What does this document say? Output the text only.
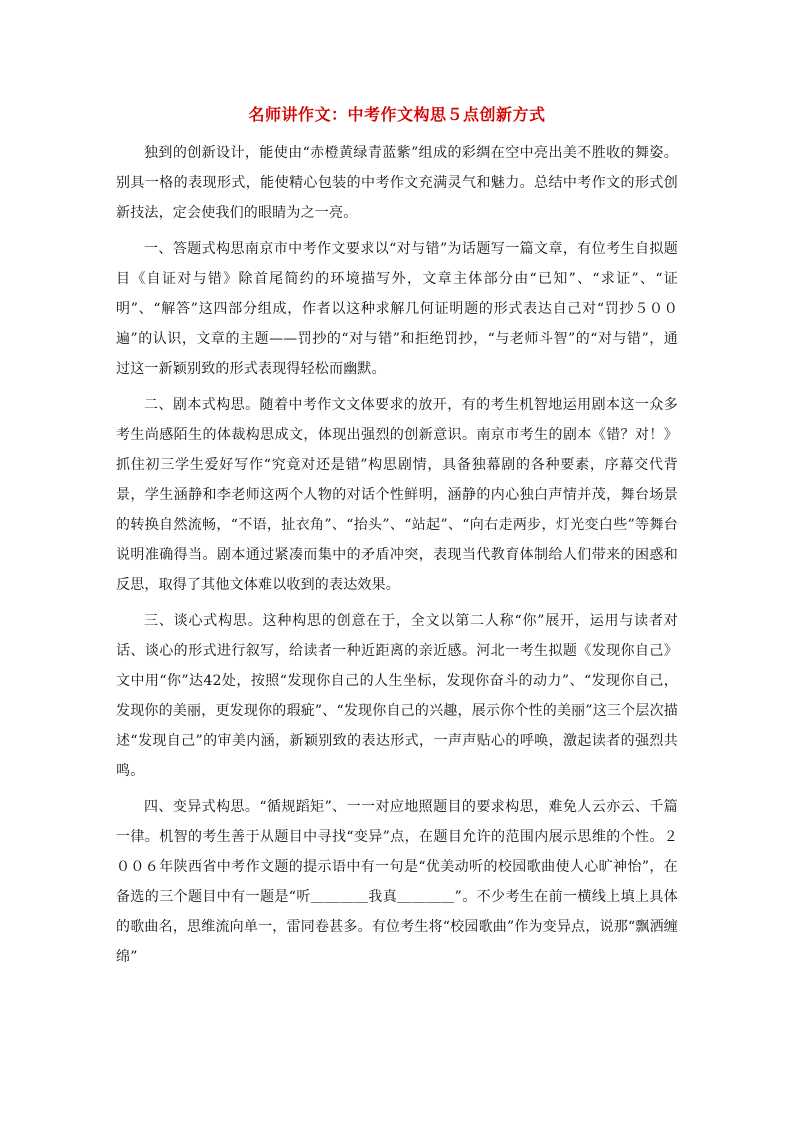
名师讲作文：中考作文构思５点创新方式

独到的创新设计，能使由“赤橙黄绿青蓝紫”组成的彩绸在空中亮出美不胜收的舞姿。别具一格的表现形式，能使精心包装的中考作文充满灵气和魅力。总结中考作文的形式创新技法，定会使我们的眼睛为之一亮。

一、答题式构思南京市中考作文要求以“对与错”为话题写一篇文章，有位考生自拟题目《自证对与错》除首尾简约的环境描写外，文章主体部分由“已知”、“求证”、“证明”、“解答”这四部分组成，作者以这种求解几何证明题的形式表达自己对“罚抄５００遍”的认识，文章的主题——罚抄的“对与错”和拒绝罚抄，“与老师斗智”的“对与错”，通过这一新颖别致的形式表现得轻松而幽默。

二、剧本式构思。随着中考作文文体要求的放开，有的考生机智地运用剧本这一众多考生尚感陌生的体裁构思成文，体现出强烈的创新意识。南京市考生的剧本《错？对！》抓住初三学生爱好写作“究竟对还是错”构思剧情，具备独幕剧的各种要素，序幕交代背景，学生涵静和李老师这两个人物的对话个性鲜明，涵静的内心独白声情并茂，舞台场景的转换自然流畅，“不语，扯衣角”、“抬头”、“站起”、“向右走两步，灯光变白些”等舞台说明准确得当。剧本通过紧凑而集中的矛盾冲突，表现当代教育体制给人们带来的困惑和反思，取得了其他文体难以收到的表达效果。

三、谈心式构思。这种构思的创意在于，全文以第二人称“你”展开，运用与读者对话、谈心的形式进行叙写，给读者一种近距离的亲近感。河北一考生拟题《发现你自己》文中用“你”达42处，按照“发现你自己的人生坐标，发现你奋斗的动力”、“发现你自己，发现你的美丽，更发现你的瑕疵”、“发现你自己的兴趣，展示你个性的美丽”这三个层次描述“发现自己”的审美内涵，新颖别致的表达形式，一声声贴心的呼唤，激起读者的强烈共鸣。

四、变异式构思。“循规蹈矩”、一一对应地照题目的要求构思，难免人云亦云、千篇一律。机智的考生善于从题目中寻找“变异”点，在题目允许的范围内展示思维的个性。２００６年陕西省中考作文题的提示语中有一句是“优美动听的校园歌曲使人心旷神怡”，在备选的三个题目中有一题是“听＿＿＿＿我真＿＿＿＿”。不少考生在前一横线上填上具体的歌曲名，思维流向单一，雷同卷甚多。有位考生将“校园歌曲”作为变异点，说那“飘洒缠绵”
